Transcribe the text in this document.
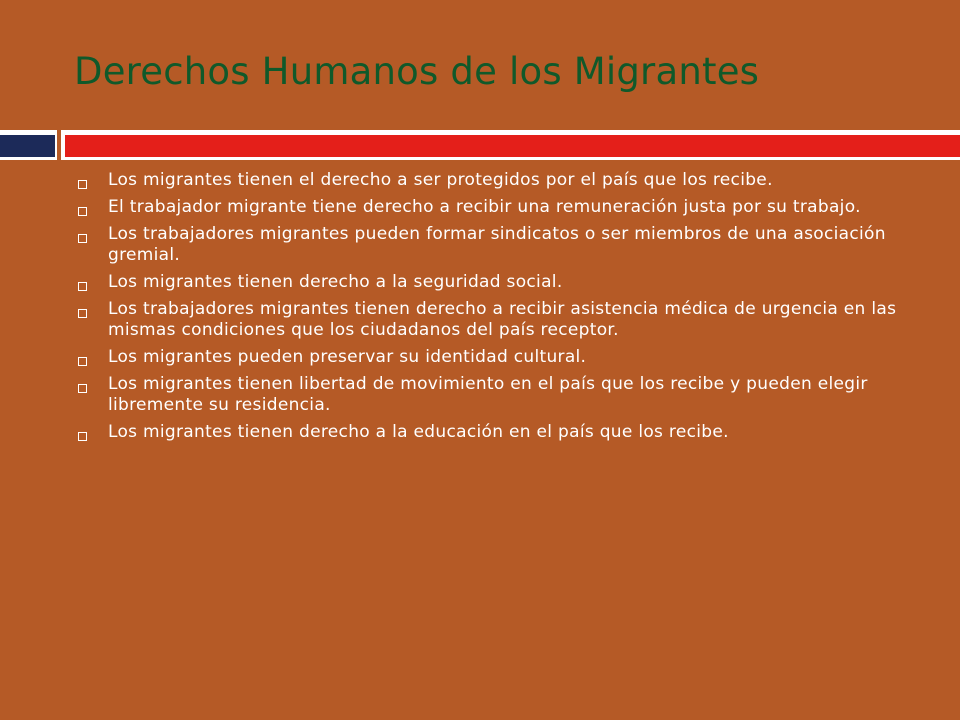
Derechos Humanos de los Migrantes
Los migrantes tienen el derecho a ser protegidos por el país que los recibe.
El trabajador migrante tiene derecho a recibir una remuneración justa por su trabajo.
Los trabajadores migrantes pueden formar sindicatos o ser miembros de una asociación gremial.
Los migrantes tienen derecho a la seguridad social.
Los trabajadores migrantes tienen derecho a recibir asistencia médica de urgencia en las mismas condiciones que los ciudadanos del país receptor.
Los migrantes pueden preservar su identidad cultural.
Los migrantes tienen libertad de movimiento en el país que los recibe y pueden elegir libremente su residencia.
Los migrantes tienen derecho a la educación en el país que los recibe.
